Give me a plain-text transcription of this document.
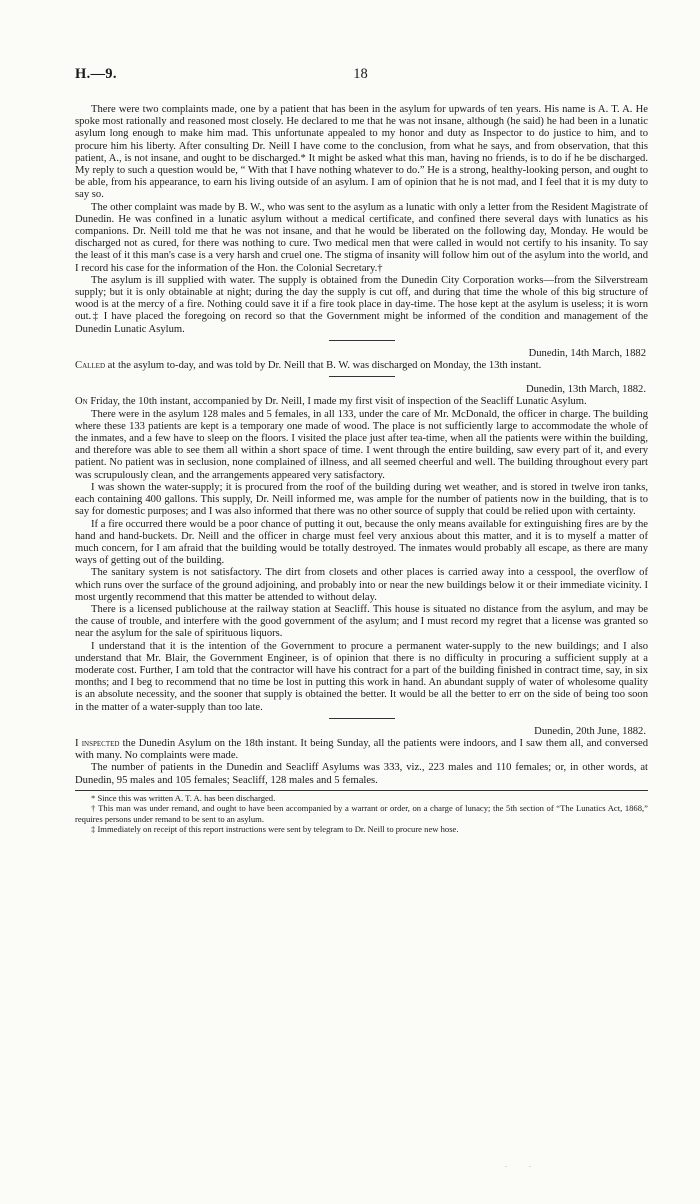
H.—9.	18

There were two complaints made, one by a patient that has been in the asylum for upwards of ten years. His name is A. T. A. He spoke most rationally and reasoned most closely. He declared to me that he was not insane, although (he said) he had been in a lunatic asylum long enough to make him mad. This unfortunate appealed to my honor and duty as Inspector to do justice to him, and to procure him his liberty. After consulting Dr. Neill I have come to the conclusion, from what he says, and from observation, that this patient, A., is not insane, and ought to be discharged.* It might be asked what this man, having no friends, is to do if he be discharged. My reply to such a question would be, “ With that I have nothing whatever to do.” He is a strong, healthy-looking person, and ought to be able, from his appearance, to earn his living outside of an asylum. I am of opinion that he is not mad, and I feel that it is my duty to say so.

The other complaint was made by B. W., who was sent to the asylum as a lunatic with only a letter from the Resident Magistrate of Dunedin. He was confined in a lunatic asylum without a medical certificate, and confined there several days with lunatics as his companions. Dr. Neill told me that he was not insane, and that he would be liberated on the following day, Monday. He would be discharged not as cured, for there was nothing to cure. Two medical men that were called in would not certify to his insanity. To say the least of it this man's case is a very harsh and cruel one. The stigma of insanity will follow him out of the asylum into the world, and I record his case for the information of the Hon. the Colonial Secretary.†

The asylum is ill supplied with water. The supply is obtained from the Dunedin City Corporation works—from the Silverstream supply; but it is only obtainable at night; during the day the supply is cut off, and during that time the whole of this big structure of wood is at the mercy of a fire. Nothing could save it if a fire took place in day-time. The hose kept at the asylum is useless; it is worn out.‡ I have placed the foregoing on record so that the Government might be informed of the condition and management of the Dunedin Lunatic Asylum.

Dunedin, 14th March, 1882

Called at the asylum to-day, and was told by Dr. Neill that B. W. was discharged on Monday, the 13th instant.

Dunedin, 13th March, 1882.

On Friday, the 10th instant, accompanied by Dr. Neill, I made my first visit of inspection of the Seacliff Lunatic Asylum.

There were in the asylum 128 males and 5 females, in all 133, under the care of Mr. McDonald, the officer in charge. The building where these 133 patients are kept is a temporary one made of wood. The place is not sufficiently large to accommodate the whole of the inmates, and a few have to sleep on the floors. I visited the place just after tea-time, when all the patients were within the building, and therefore was able to see them all within a short space of time. I went through the entire building, saw every part of it, and every patient. No patient was in seclusion, none complained of illness, and all seemed cheerful and well. The building throughout every part was scrupulously clean, and the arrangements appeared very satisfactory.

I was shown the water-supply; it is procured from the roof of the building during wet weather, and is stored in twelve iron tanks, each containing 400 gallons. This supply, Dr. Neill informed me, was ample for the number of patients now in the building, that is to say for domestic purposes; and I was also informed that there was no other source of supply that could be relied upon with certainty.

If a fire occurred there would be a poor chance of putting it out, because the only means available for extinguishing fires are by the hand and hand-buckets. Dr. Neill and the officer in charge must feel very anxious about this matter, and it is to myself a matter of much concern, for I am afraid that the building would be totally destroyed. The inmates would probably all escape, as there are many ways of getting out of the building.

The sanitary system is not satisfactory. The dirt from closets and other places is carried away into a cesspool, the overflow of which runs over the surface of the ground adjoining, and probably into or near the new buildings below it or their immediate vicinity. I most urgently recommend that this matter be attended to without delay.

There is a licensed publichouse at the railway station at Seacliff. This house is situated no distance from the asylum, and may be the cause of trouble, and interfere with the good government of the asylum; and I must record my regret that a license was granted so near the asylum for the sale of spirituous liquors.

I understand that it is the intention of the Government to procure a permanent water-supply to the new buildings; and I also understand that Mr. Blair, the Government Engineer, is of opinion that there is no difficulty in procuring a sufficient supply at a moderate cost. Further, I am told that the contractor will have his contract for a part of the building finished in contract time, say, in six months; and I beg to recommend that no time be lost in putting this work in hand. An abundant supply of water of wholesome quality is an absolute necessity, and the sooner that supply is obtained the better. It would be all the better to err on the side of being too soon in the matter of a water-supply than too late.

Dunedin, 20th June, 1882.

I inspected the Dunedin Asylum on the 18th instant. It being Sunday, all the patients were indoors, and I saw them all, and conversed with many. No complaints were made.

The number of patients in the Dunedin and Seacliff Asylums was 333, viz., 223 males and 110 females; or, in other words, at Dunedin, 95 males and 105 females; Seacliff, 128 males and 5 females.

* Since this was written A. T. A. has been discharged.
† This man was under remand, and ought to have been accompanied by a warrant or order, on a charge of lunacy; the 5th section of “The Lunatics Act, 1868,” requires persons under remand to be sent to an asylum.
‡ Immediately on receipt of this report instructions were sent by telegram to Dr. Neill to procure new hose.
.           .
